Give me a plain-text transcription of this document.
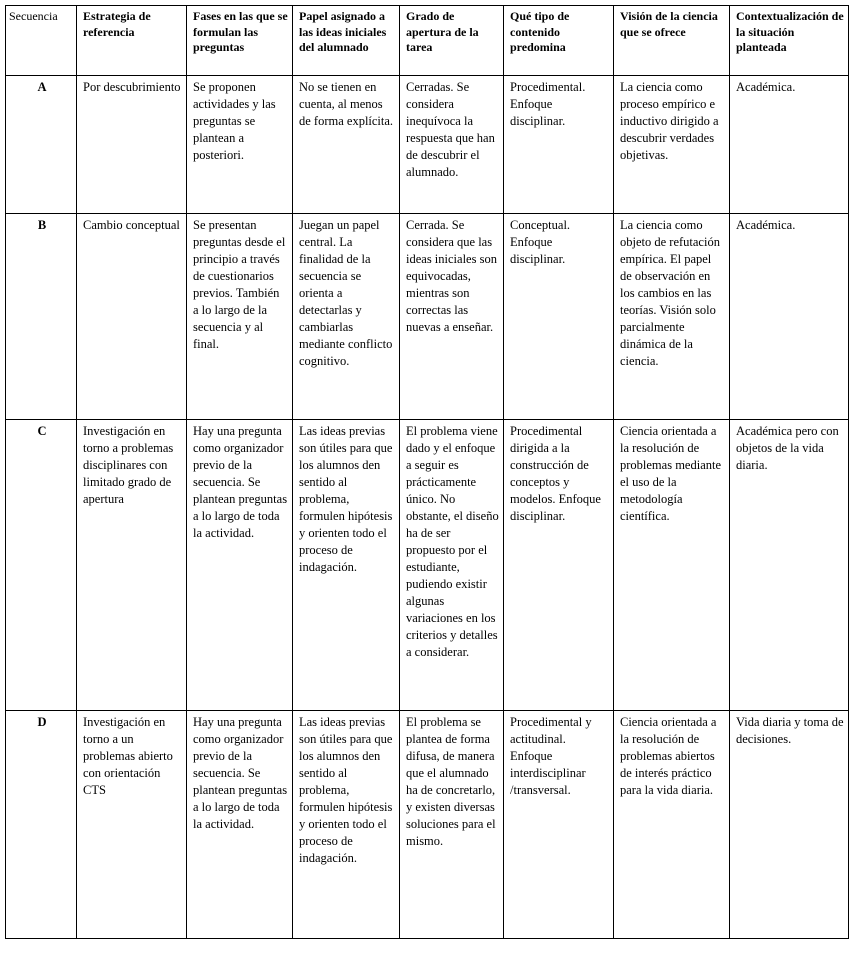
Secuencia	Estrategia de referencia	Fases en las que se formulan las preguntas	Papel asignado a las ideas iniciales del alumnado	Grado de apertura de la tarea	Qué tipo de contenido predomina	Visión de la ciencia que se ofrece	Contextualización de la situación planteada
A	Por descubrimiento	Se proponen actividades y las preguntas se plantean a posteriori.	No se tienen en cuenta, al menos de forma explícita.	Cerradas. Se considera inequívoca la respuesta que han de descubrir el alumnado.	Procedimental. Enfoque disciplinar.	La ciencia como proceso empírico e inductivo dirigido a descubrir verdades objetivas.	Académica.
B	Cambio conceptual	Se presentan preguntas desde el principio a través de cuestionarios previos. También a lo largo de la secuencia y al final.	Juegan un papel central. La finalidad de la secuencia se orienta a detectarlas y cambiarlas mediante conflicto cognitivo.	Cerrada. Se considera que las ideas iniciales son equivocadas, mientras son correctas las nuevas a enseñar.	Conceptual. Enfoque disciplinar.	La ciencia como objeto de refutación empírica. El papel de observación en los cambios en las teorías. Visión solo parcialmente dinámica de la ciencia.	Académica.
C	Investigación en torno a problemas disciplinares con limitado grado de apertura	Hay una pregunta como organizador previo de la secuencia. Se plantean preguntas a lo largo de toda la actividad.	Las ideas previas son útiles para que los alumnos den sentido al problema, formulen hipótesis y orienten todo el proceso de indagación.	El problema viene dado y el enfoque a seguir es prácticamente único. No obstante, el diseño ha de ser propuesto por el estudiante, pudiendo existir algunas variaciones en los criterios y detalles a considerar.	Procedimental dirigida a la construcción de conceptos y modelos. Enfoque disciplinar.	Ciencia orientada a la resolución de problemas mediante el uso de la metodología científica.	Académica pero con objetos de la vida diaria.
D	Investigación en torno a un problemas abierto con orientación CTS	Hay una pregunta como organizador previo de la secuencia. Se plantean preguntas a lo largo de toda la actividad.	Las ideas previas son útiles para que los alumnos den sentido al problema, formulen hipótesis y orienten todo el proceso de indagación.	El problema se plantea de forma difusa, de manera que el alumnado ha de concretarlo, y existen diversas soluciones para el mismo.	Procedimental y actitudinal. Enfoque interdisciplinar /transversal.	Ciencia orientada a la resolución de problemas abiertos de interés práctico para la vida diaria.	Vida diaria y toma de decisiones.
